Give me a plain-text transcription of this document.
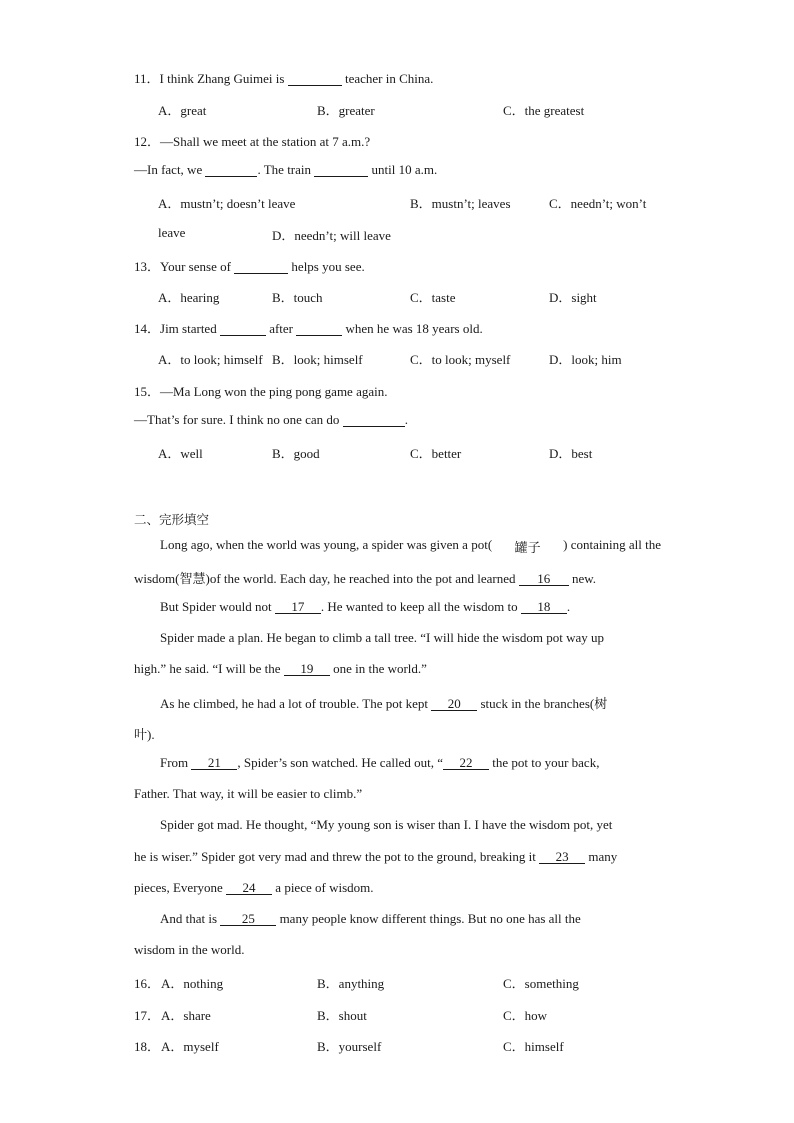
11．I think Zhang Guimei is	teacher in China.
A．great	B．greater	C．the greatest
12．—Shall we meet at the station at 7 a.m.?
—In fact, we	. The train	until 10 a.m.
A．mustn’t; doesn’t leave	B．mustn’t; leaves	C．needn’t; won’t
leave	D．needn’t; will leave
13．Your sense of	helps you see.
A．hearing	B．touch	C．taste	D．sight
14．Jim started	after	when he was 18 years old.
A．to look; himself B．look; himself	C．to look; myself	D．look; him
15．—Ma Long won the ping pong game again.
—That’s for sure. I think no one can do	.
A．well	B．good	C．better	D．best
二、完形填空
Long ago, when the world was young, a spider was given a pot( 罐子 ) containing all the
wisdom(智慧)of the world. Each day, he reached into the pot and learned 16 new.
But Spider would not 17 . He wanted to keep all the wisdom to 18 .
Spider made a plan. He began to climb a tall tree. “I will hide the wisdom pot way up
high.” he said. “I will be the 19 one in the world.”
As he climbed, he had a lot of trouble. The pot kept 20 stuck in the branches(树
叶).
From 21 , Spider’s son watched. He called out, “ 22 the pot to your back,
Father. That way, it will be easier to climb.”
Spider got mad. He thought, “My young son is wiser than I. I have the wisdom pot, yet
he is wiser.” Spider got very mad and threw the pot to the ground, breaking it 23 many
pieces, Everyone 24 a piece of wisdom.
And that is 25 many people know different things. But no one has all the
wisdom in the world.
16． A．nothing	B．anything	C．something
17． A．share	B．shout	C．how
18． A．myself	B．yourself	C．himself
